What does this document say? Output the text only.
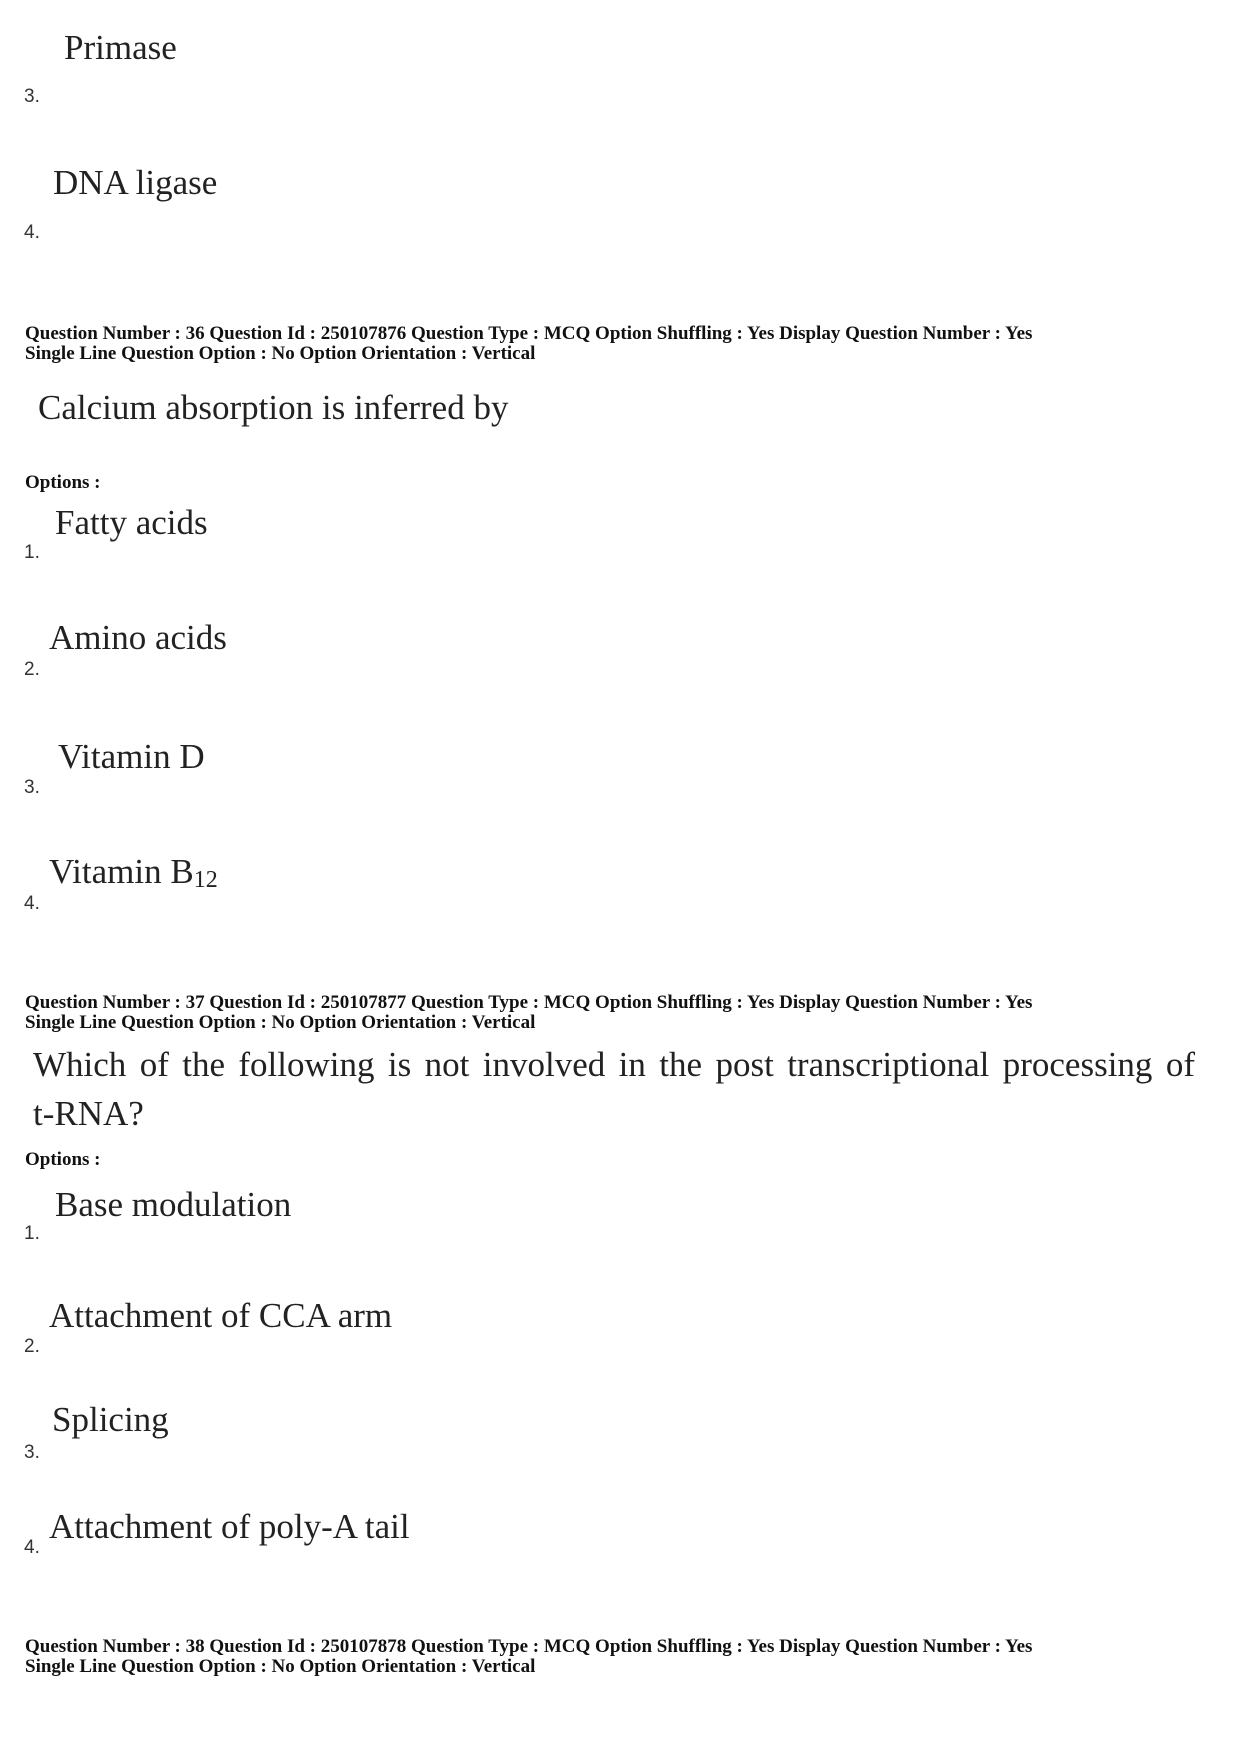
Primase
3.
DNA ligase
4.
Question Number : 36 Question Id : 250107876 Question Type : MCQ Option Shuffling : Yes Display Question Number : Yes
Single Line Question Option : No Option Orientation : Vertical
Calcium absorption is inferred by
Options :
Fatty acids
1.
Amino acids
2.
Vitamin D
3.
Vitamin $B_{12}$
4.
Question Number : 37 Question Id : 250107877 Question Type : MCQ Option Shuffling : Yes Display Question Number : Yes
Single Line Question Option : No Option Orientation : Vertical
Which of the following is not involved in the post transcriptional processing of
t-RNA?
Options :
Base modulation
1.
Attachment of CCA arm
2.
Splicing
3.
Attachment of poly-A tail
4.
Question Number : 38 Question Id : 250107878 Question Type : MCQ Option Shuffling : Yes Display Question Number : Yes
Single Line Question Option : No Option Orientation : Vertical
